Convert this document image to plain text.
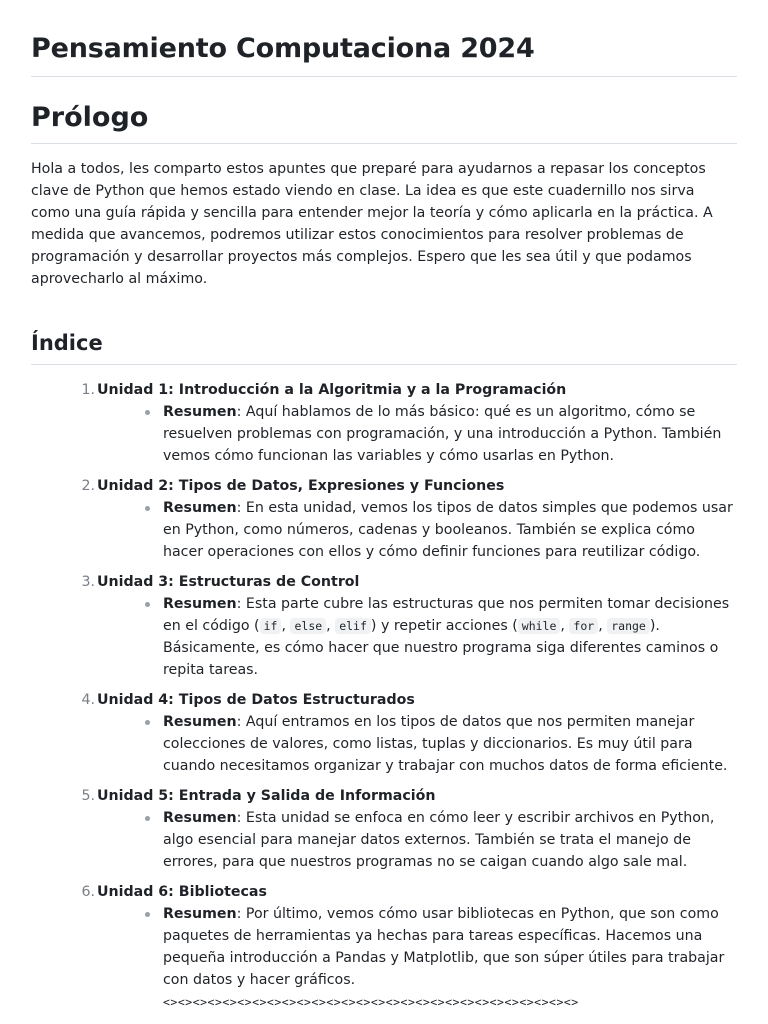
Pensamiento Computaciona 2024
Prólogo

Hola a todos, les comparto estos apuntes que preparé para ayudarnos a repasar los conceptos clave de Python que hemos estado viendo en clase. La idea es que este cuadernillo nos sirva como una guía rápida y sencilla para entender mejor la teoría y cómo aplicarla en la práctica. A medida que avancemos, podremos utilizar estos conocimientos para resolver problemas de programación y desarrollar proyectos más complejos. Espero que les sea útil y que podamos aprovecharlo al máximo.

Índice
1. Unidad 1: Introducción a la Algoritmia y a la Programación
Resumen: Aquí hablamos de lo más básico: qué es un algoritmo, cómo se resuelven problemas con programación, y una introducción a Python. También vemos cómo funcionan las variables y cómo usarlas en Python.
2. Unidad 2: Tipos de Datos, Expresiones y Funciones
Resumen: En esta unidad, vemos los tipos de datos simples que podemos usar en Python, como números, cadenas y booleanos. También se explica cómo hacer operaciones con ellos y cómo definir funciones para reutilizar código.
3. Unidad 3: Estructuras de Control
Resumen: Esta parte cubre las estructuras que nos permiten tomar decisiones en el código ( if , else , elif ) y repetir acciones ( while , for , range ). Básicamente, es cómo hacer que nuestro programa siga diferentes caminos o repita tareas.
4. Unidad 4: Tipos de Datos Estructurados
Resumen: Aquí entramos en los tipos de datos que nos permiten manejar colecciones de valores, como listas, tuplas y diccionarios. Es muy útil para cuando necesitamos organizar y trabajar con muchos datos de forma eficiente.
5. Unidad 5: Entrada y Salida de Información
Resumen: Esta unidad se enfoca en cómo leer y escribir archivos en Python, algo esencial para manejar datos externos. También se trata el manejo de errores, para que nuestros programas no se caigan cuando algo sale mal.
6. Unidad 6: Bibliotecas
Resumen: Por último, vemos cómo usar bibliotecas en Python, que son como paquetes de herramientas ya hechas para tareas específicas. Hacemos una pequeña introducción a Pandas y Matplotlib, que son súper útiles para trabajar con datos y hacer gráficos.
<><><><><><><><><><><><><><><><><><><><><><><><><><><><>
